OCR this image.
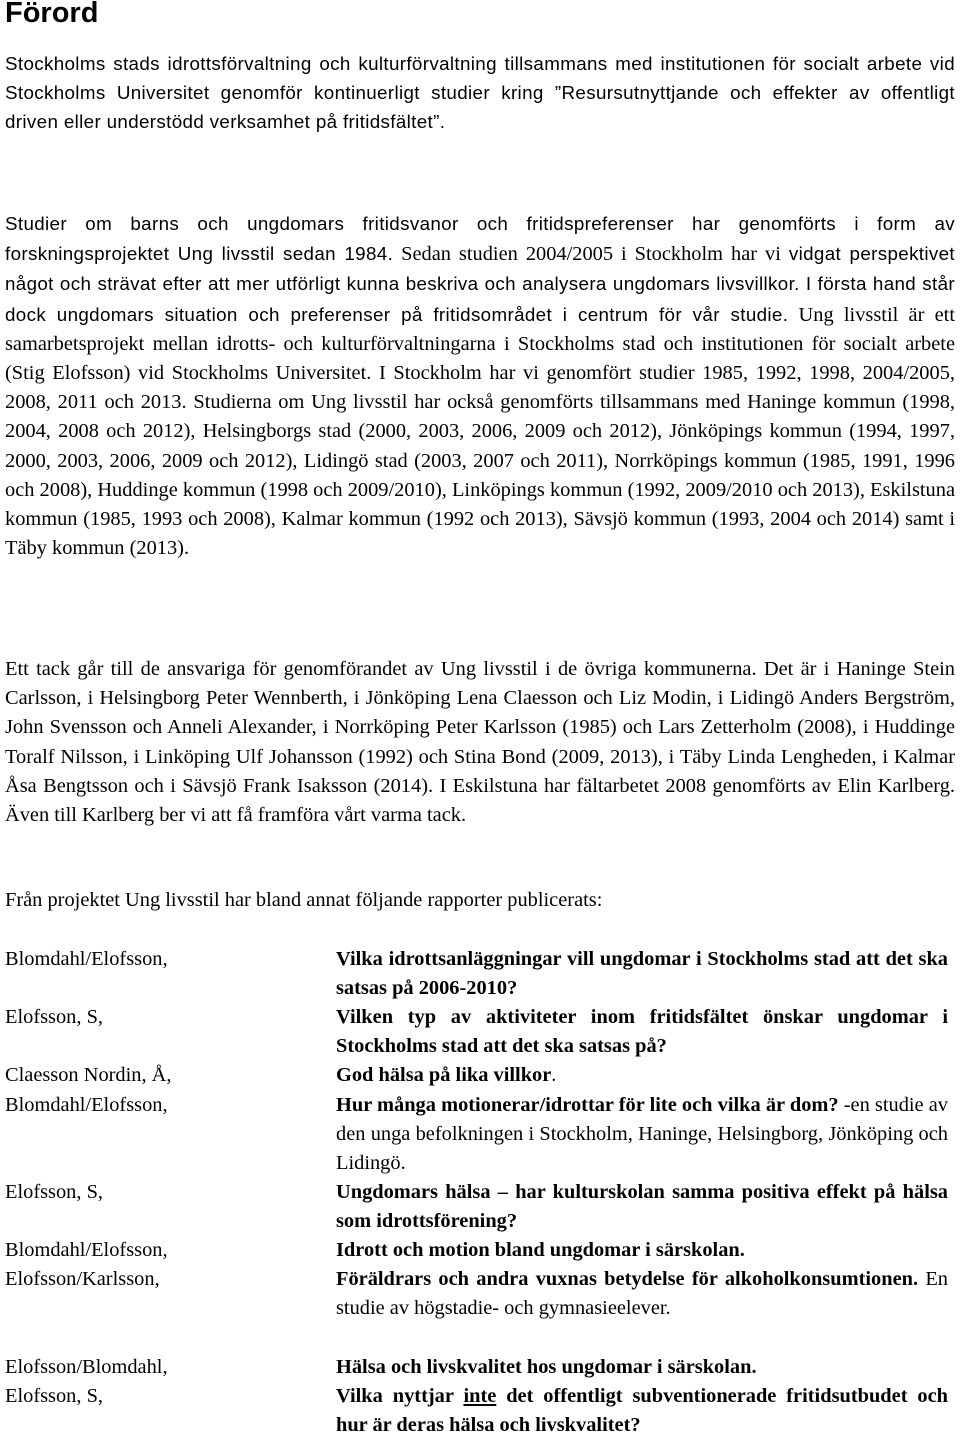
Förord

Stockholms stads idrottsförvaltning och kulturförvaltning tillsammans med institutionen för socialt arbete vid Stockholms Universitet genomför kontinuerligt studier kring ”Resursutnyttjande och effekter av offentligt driven eller understödd verksamhet på fritidsfältet”.

Studier om barns och ungdomars fritidsvanor och fritidspreferenser har genomförts i form av forskningsprojektet Ung livsstil sedan 1984. Sedan studien 2004/2005 i Stockholm har vi vidgat perspektivet något och strävat efter att mer utförligt kunna beskriva och analysera ungdomars livsvillkor. I första hand står dock ungdomars situation och preferenser på fritidsområdet i centrum för vår studie. Ung livsstil är ett samarbetsprojekt mellan idrotts- och kulturförvaltningarna i Stockholms stad och institutionen för socialt arbete (Stig Elofsson) vid Stockholms Universitet. I Stockholm har vi genomfört studier 1985, 1992, 1998, 2004/2005, 2008, 2011 och 2013. Studierna om Ung livsstil har också genomförts tillsammans med Haninge kommun (1998, 2004, 2008 och 2012), Helsingborgs stad (2000, 2003, 2006, 2009 och 2012), Jönköpings kommun (1994, 1997, 2000, 2003, 2006, 2009 och 2012), Lidingö stad (2003, 2007 och 2011), Norrköpings kommun (1985, 1991, 1996 och 2008), Huddinge kommun (1998 och 2009/2010), Linköpings kommun (1992, 2009/2010 och 2013), Eskilstuna kommun (1985, 1993 och 2008), Kalmar kommun (1992 och 2013), Sävsjö kommun (1993, 2004 och 2014) samt i Täby kommun (2013).

Ett tack går till de ansvariga för genomförandet av Ung livsstil i de övriga kommunerna. Det är i Haninge Stein Carlsson, i Helsingborg Peter Wennberth, i Jönköping Lena Claesson och Liz Modin, i Lidingö Anders Bergström, John Svensson och Anneli Alexander, i Norrköping Peter Karlsson (1985) och Lars Zetterholm (2008), i Huddinge Toralf Nilsson, i Linköping Ulf Johansson (1992) och Stina Bond (2009, 2013), i Täby Linda Lengheden, i Kalmar Åsa Bengtsson och i Sävsjö Frank Isaksson (2014). I Eskilstuna har fältarbetet 2008 genomförts av Elin Karlberg. Även till Karlberg ber vi att få framföra vårt varma tack.

Från projektet Ung livsstil har bland annat följande rapporter publicerats:

Blomdahl/Elofsson,	Vilka idrottsanläggningar vill ungdomar i Stockholms stad att det ska satsas på 2006-2010?
Elofsson, S,	Vilken typ av aktiviteter inom fritidsfältet önskar ungdomar i Stockholms stad att det ska satsas på?
Claesson Nordin, Å,	God hälsa på lika villkor.
Blomdahl/Elofsson,	Hur många motionerar/idrottar för lite och vilka är dom? -en studie av den unga befolkningen i Stockholm, Haninge, Helsingborg, Jönköping och Lidingö.
Elofsson, S,	Ungdomars hälsa – har kulturskolan samma positiva effekt på hälsa som idrottsförening?
Blomdahl/Elofsson,	Idrott och motion bland ungdomar i särskolan.
Elofsson/Karlsson,	Föräldrars och andra vuxnas betydelse för alkoholkonsumtionen. En studie av högstadie- och gymnasieelever.
Elofsson/Blomdahl,	Hälsa och livskvalitet hos ungdomar i särskolan.
Elofsson, S,	Vilka nyttjar inte det offentligt subventionerade fritidsutbudet och hur är deras hälsa och livskvalitet?
